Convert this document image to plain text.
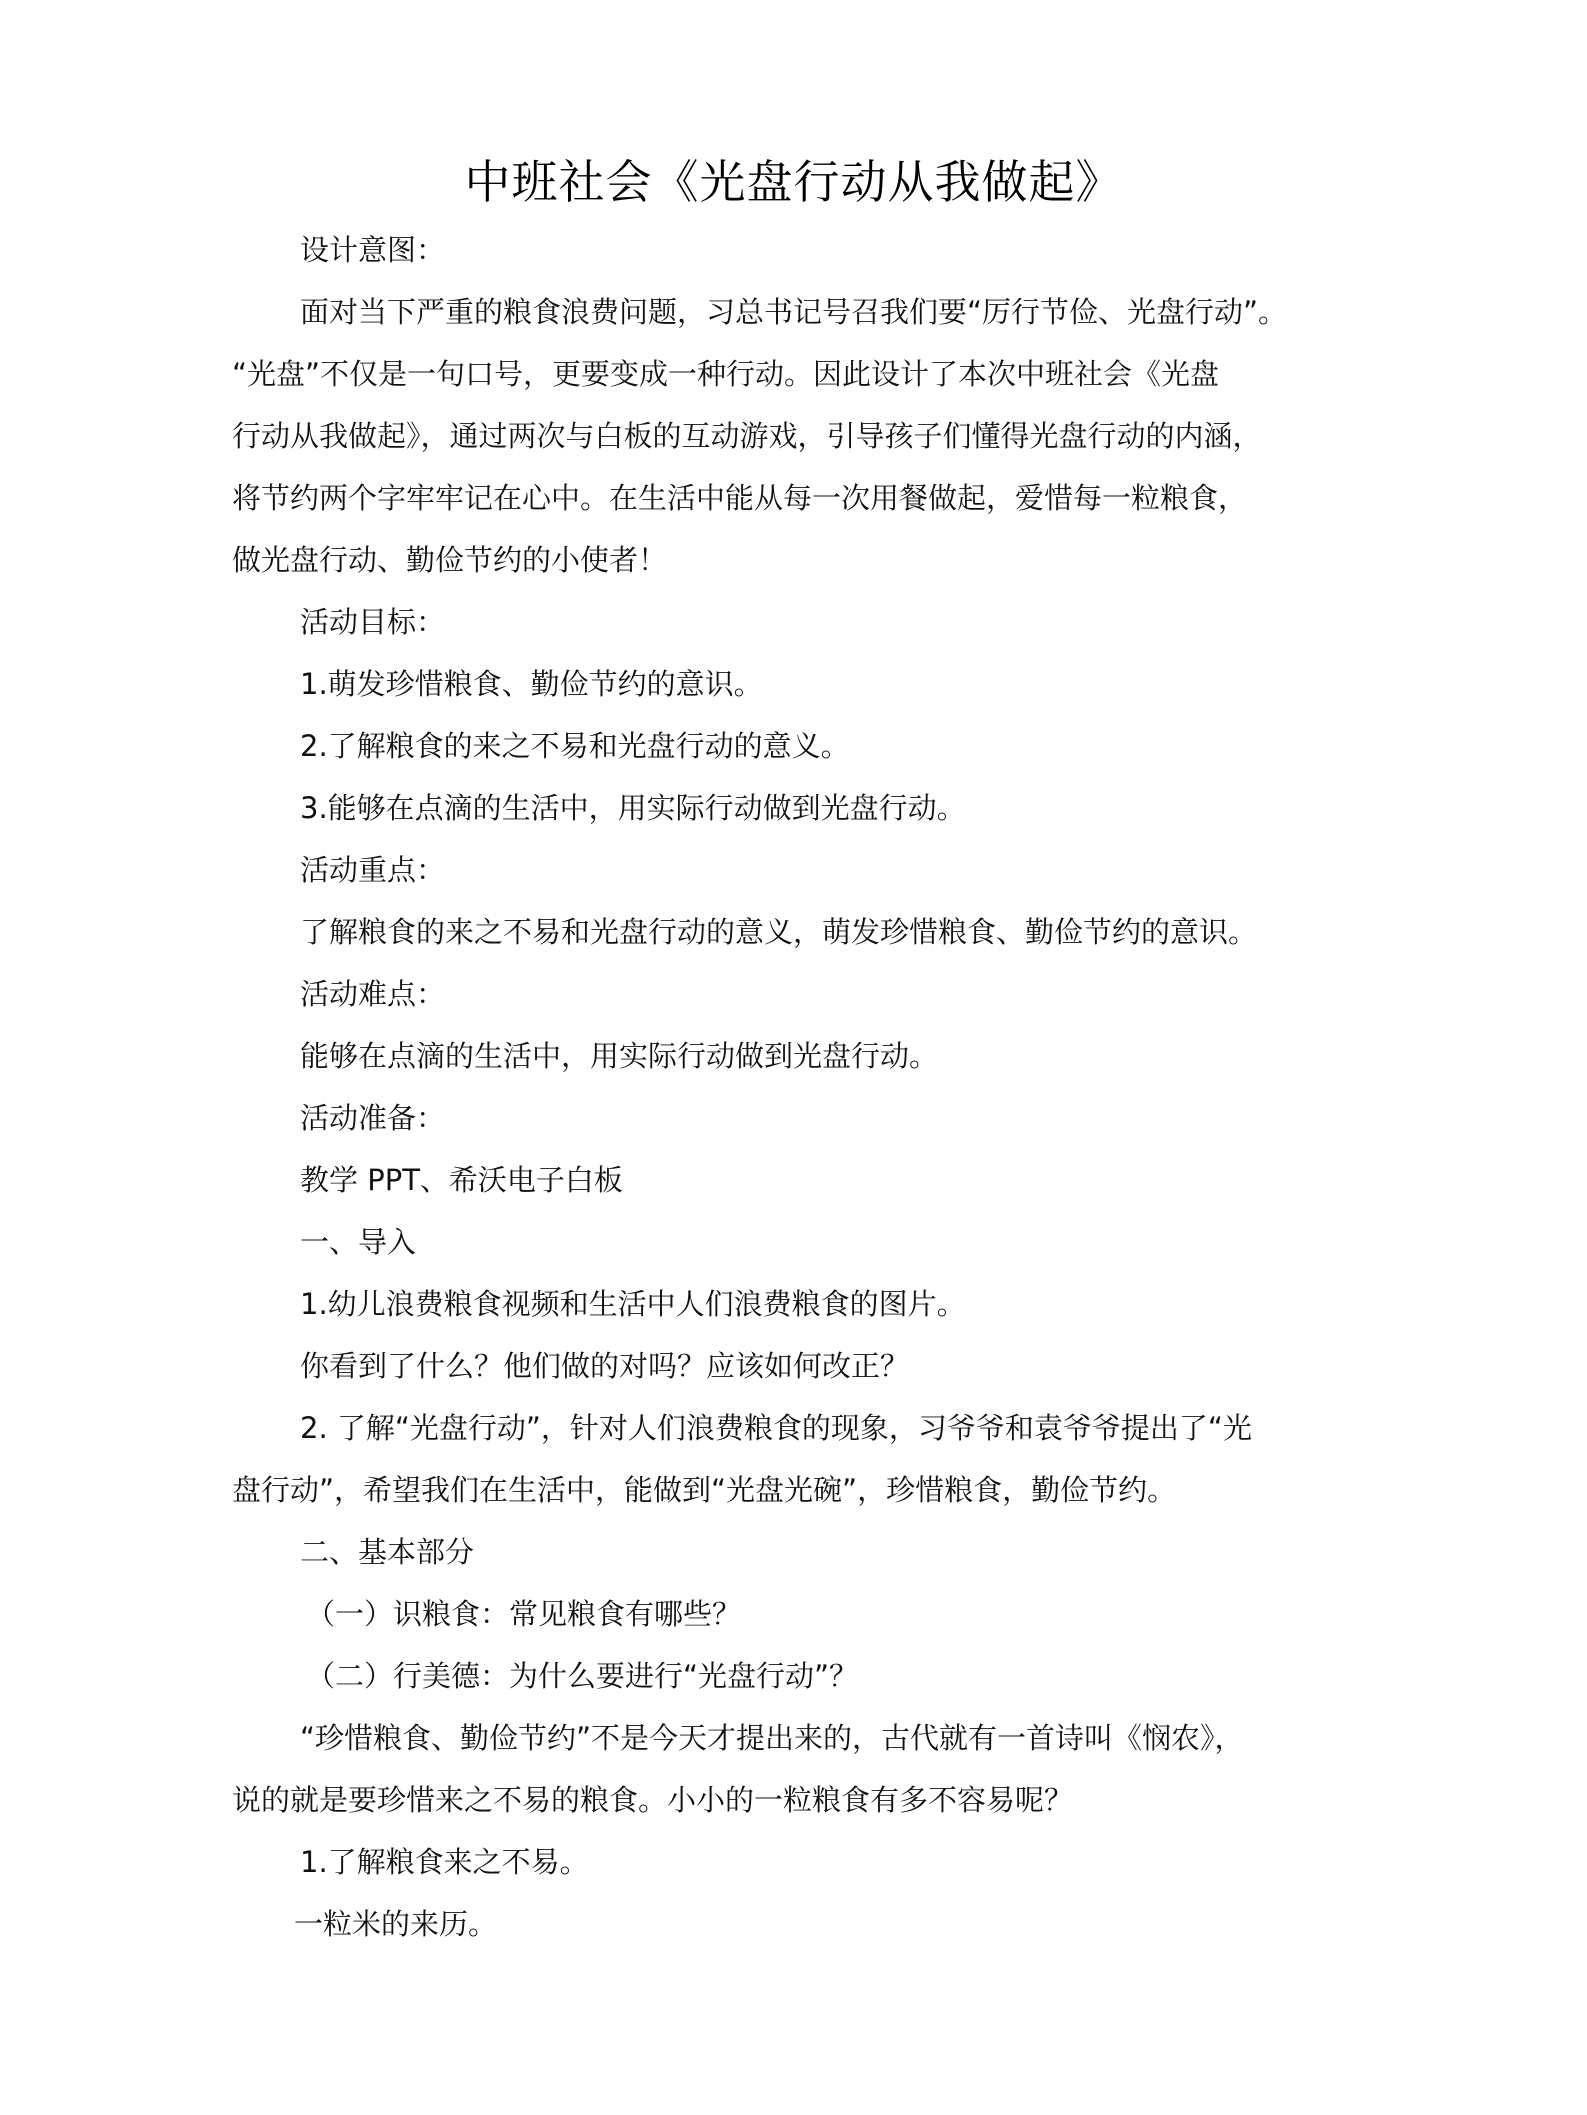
中班社会《光盘行动从我做起》
设计意图：
面对当下严重的粮食浪费问题，习总书记号召我们要“厉行节俭、光盘行动”。
“光盘”不仅是一句口号，更要变成一种行动。因此设计了本次中班社会《光盘
行动从我做起》，通过两次与白板的互动游戏，引导孩子们懂得光盘行动的内涵，
将节约两个字牢牢记在心中。在生活中能从每一次用餐做起，爱惜每一粒粮食，
做光盘行动、勤俭节约的小使者！
活动目标：
1.萌发珍惜粮食、勤俭节约的意识。
2.了解粮食的来之不易和光盘行动的意义。
3.能够在点滴的生活中，用实际行动做到光盘行动。
活动重点：
了解粮食的来之不易和光盘行动的意义，萌发珍惜粮食、勤俭节约的意识。
活动难点：
能够在点滴的生活中，用实际行动做到光盘行动。
活动准备：
教学 PPT、希沃电子白板
一、导入
1.幼儿浪费粮食视频和生活中人们浪费粮食的图片。
你看到了什么？他们做的对吗？应该如何改正？
2. 了解“光盘行动”，针对人们浪费粮食的现象，习爷爷和袁爷爷提出了“光
盘行动”，希望我们在生活中，能做到“光盘光碗”，珍惜粮食，勤俭节约。
二、基本部分
（一）识粮食：常见粮食有哪些？
（二）行美德：为什么要进行“光盘行动”？
“珍惜粮食、勤俭节约”不是今天才提出来的，古代就有一首诗叫《悯农》，
说的就是要珍惜来之不易的粮食。小小的一粒粮食有多不容易呢？
1.了解粮食来之不易。
一粒米的来历。
